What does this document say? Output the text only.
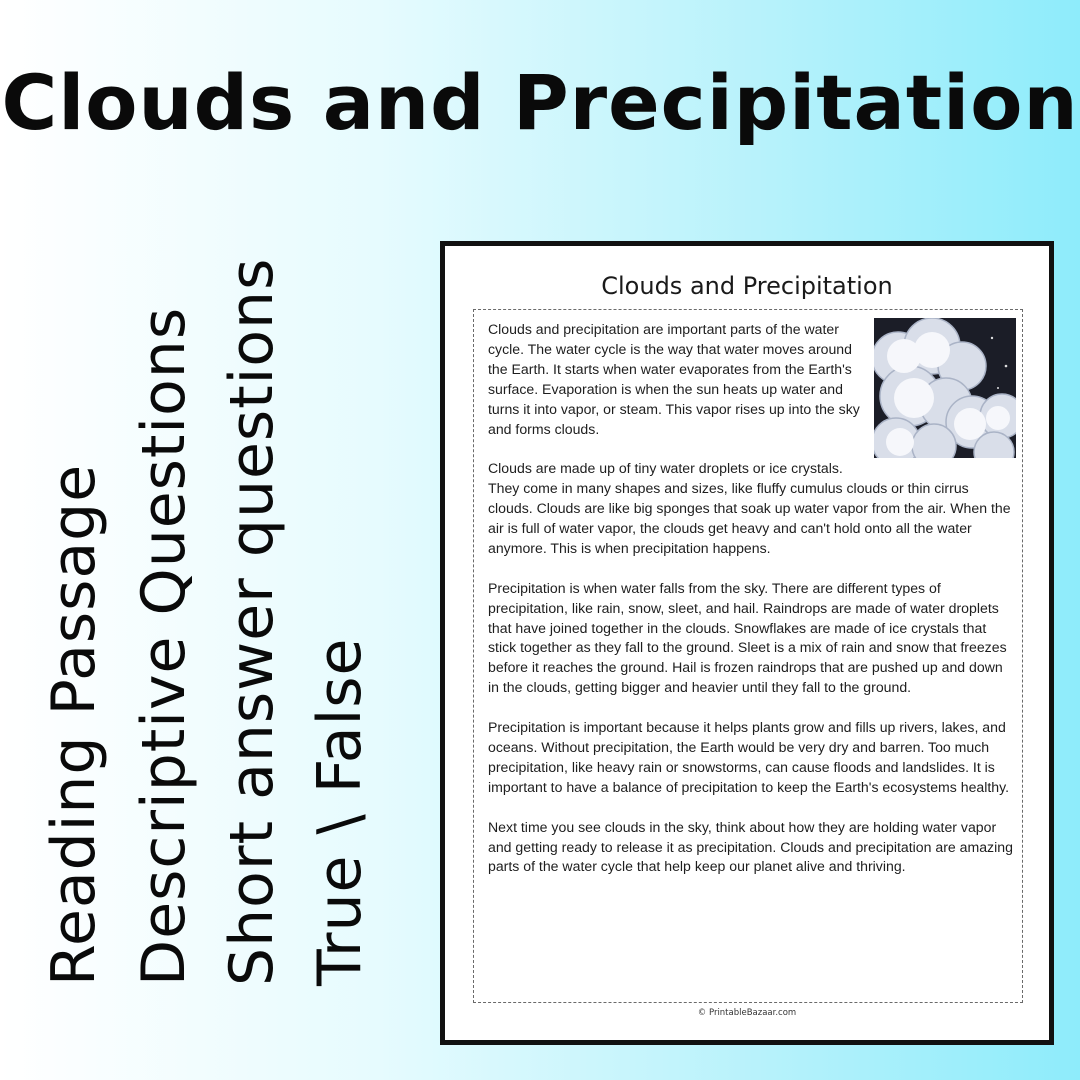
Clouds and Precipitation
Reading Passage Descriptive Questions Short answer questions True \ False
Clouds and Precipitation

Clouds and precipitation are important parts of the water cycle. The water cycle is the way that water moves around the Earth. It starts when water evaporates from the Earth's surface. Evaporation is when the sun heats up water and turns it into vapor, or steam. This vapor rises up into the sky and forms clouds.

Clouds are made up of tiny water droplets or ice crystals. They come in many shapes and sizes, like fluffy cumulus clouds or thin cirrus clouds. Clouds are like big sponges that soak up water vapor from the air. When the air is full of water vapor, the clouds get heavy and can't hold onto all the water anymore. This is when precipitation happens.

Precipitation is when water falls from the sky. There are different types of precipitation, like rain, snow, sleet, and hail. Raindrops are made of water droplets that have joined together in the clouds. Snowflakes are made of ice crystals that stick together as they fall to the ground. Sleet is a mix of rain and snow that freezes before it reaches the ground. Hail is frozen raindrops that are pushed up and down in the clouds, getting bigger and heavier until they fall to the ground.

Precipitation is important because it helps plants grow and fills up rivers, lakes, and oceans. Without precipitation, the Earth would be very dry and barren. Too much precipitation, like heavy rain or snowstorms, can cause floods and landslides. It is important to have a balance of precipitation to keep the Earth's ecosystems healthy.

Next time you see clouds in the sky, think about how they are holding water vapor and getting ready to release it as precipitation. Clouds and precipitation are amazing parts of the water cycle that help keep our planet alive and thriving.

© PrintableBazaar.com
